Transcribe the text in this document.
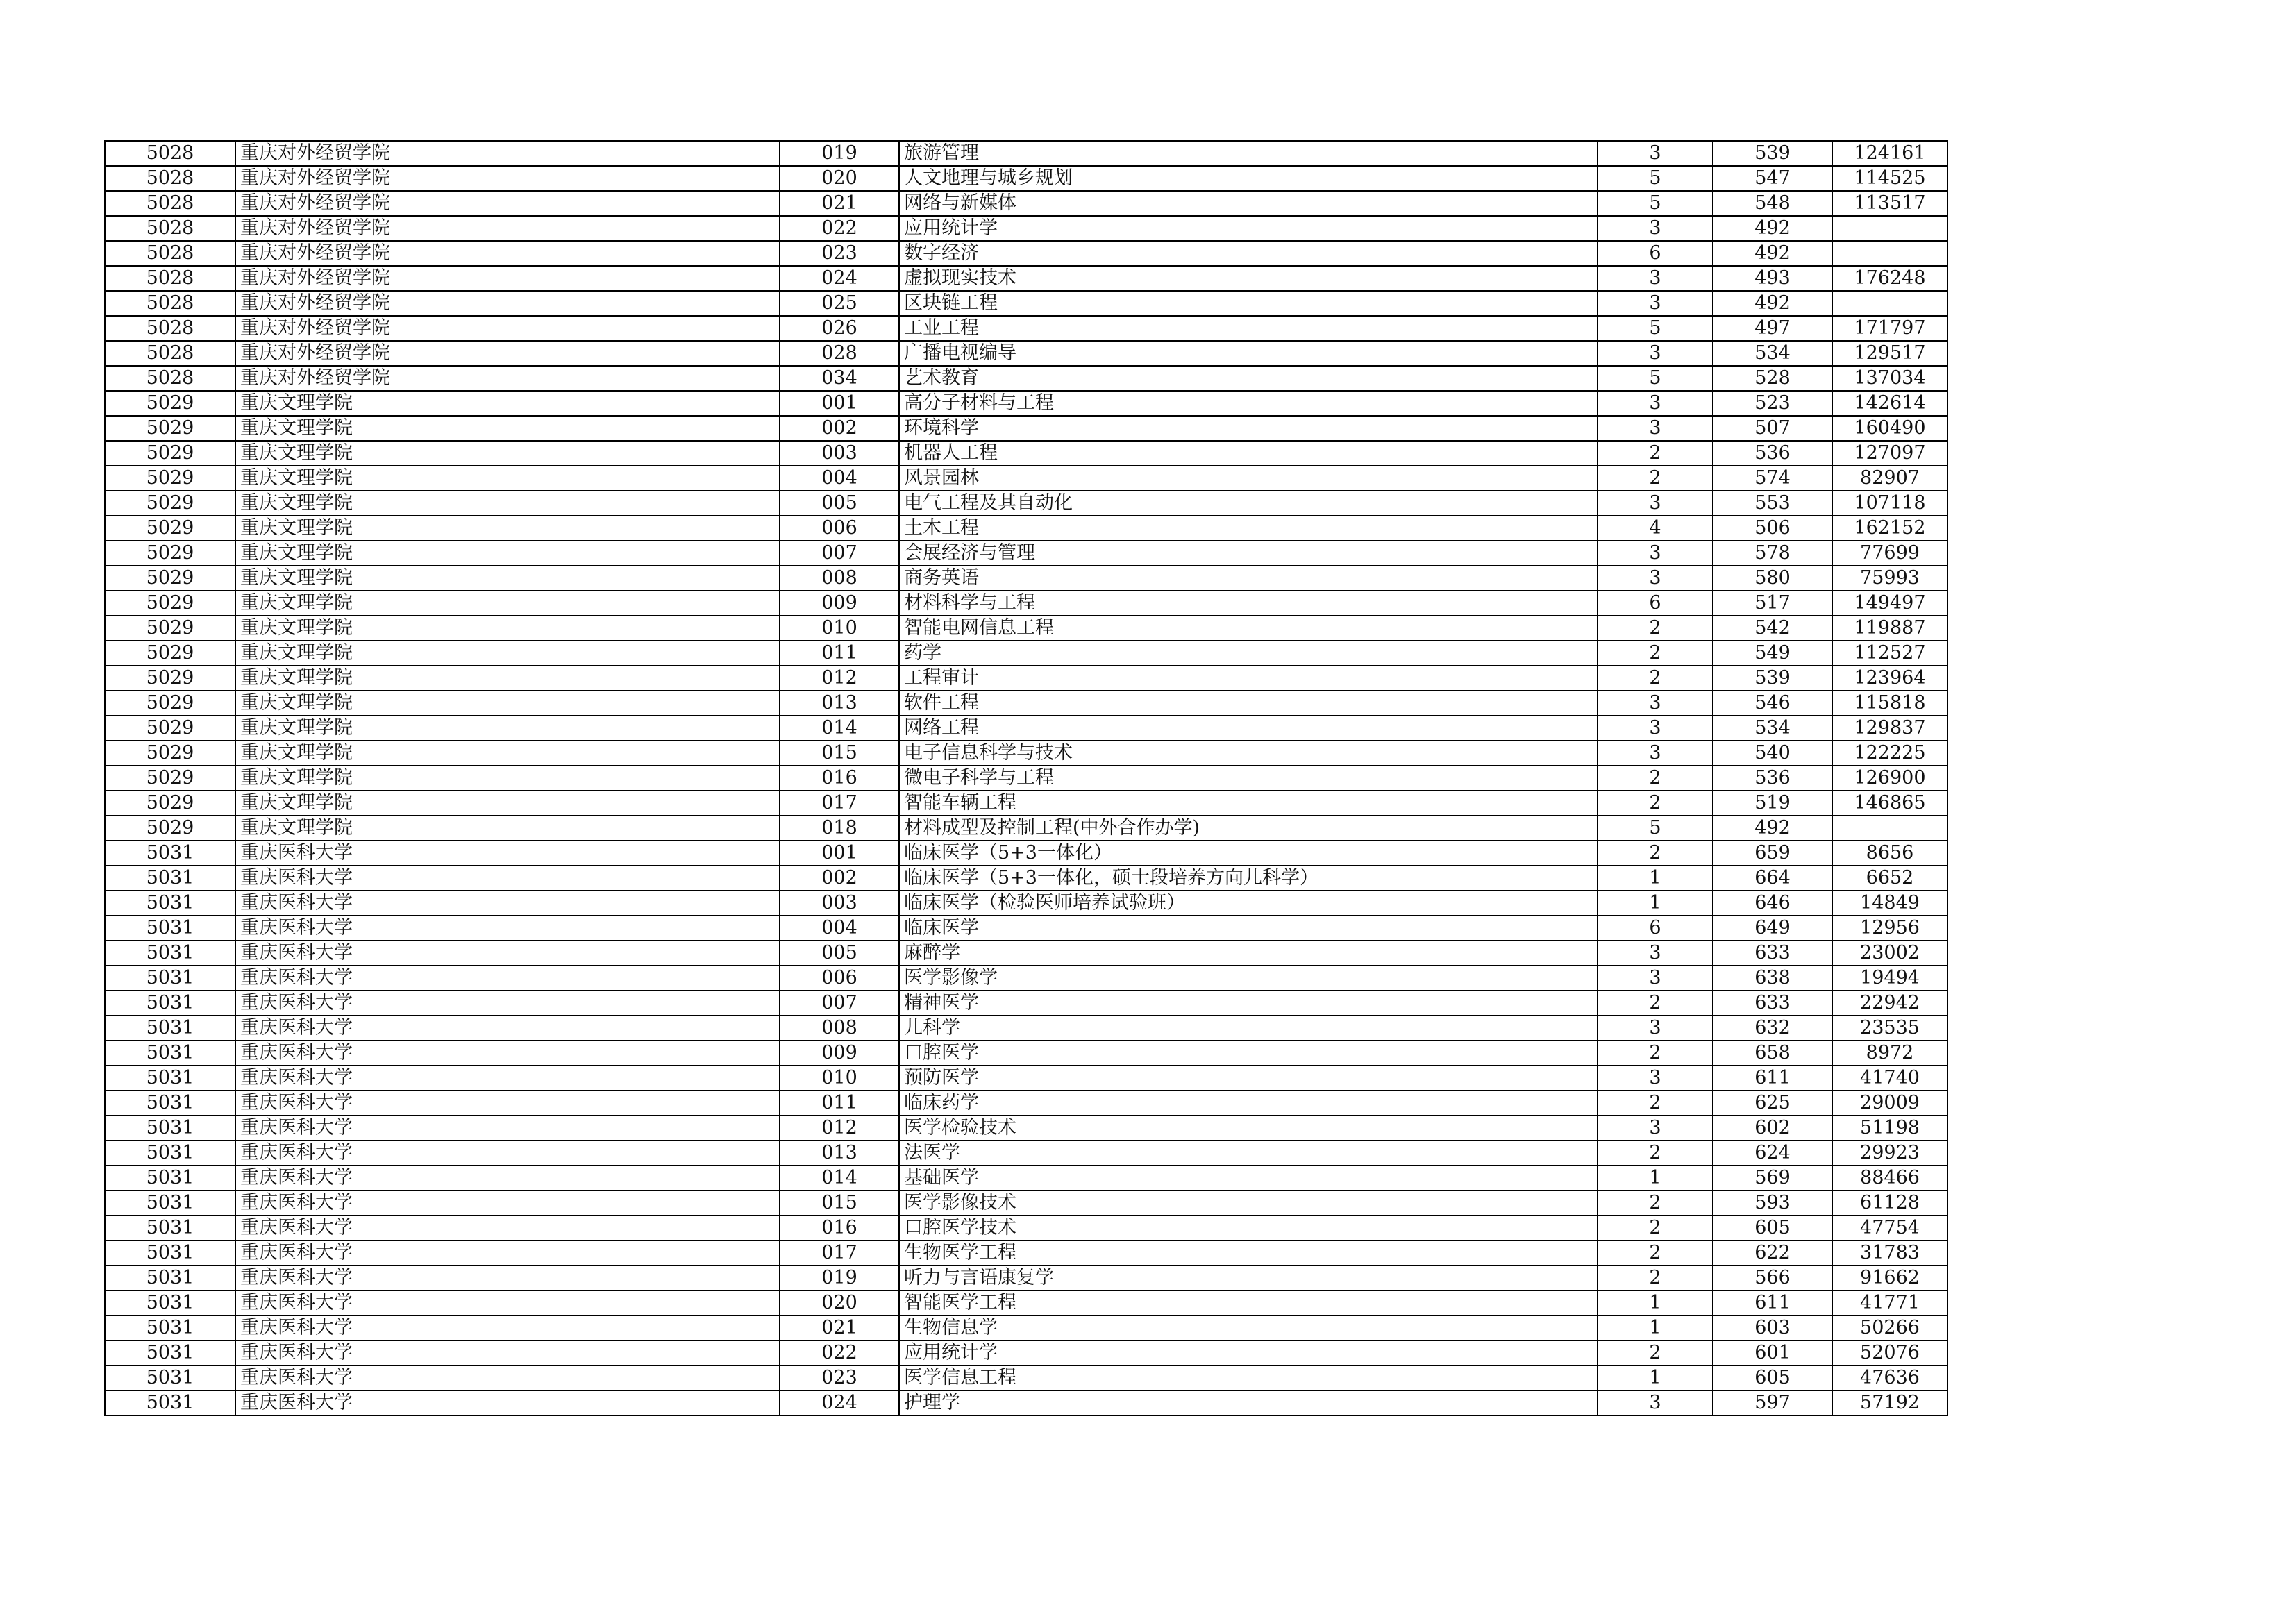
5028	重庆对外经贸学院	019	旅游管理	3	539	124161
5028	重庆对外经贸学院	020	人文地理与城乡规划	5	547	114525
5028	重庆对外经贸学院	021	网络与新媒体	5	548	113517
5028	重庆对外经贸学院	022	应用统计学	3	492	
5028	重庆对外经贸学院	023	数字经济	6	492	
5028	重庆对外经贸学院	024	虚拟现实技术	3	493	176248
5028	重庆对外经贸学院	025	区块链工程	3	492	
5028	重庆对外经贸学院	026	工业工程	5	497	171797
5028	重庆对外经贸学院	028	广播电视编导	3	534	129517
5028	重庆对外经贸学院	034	艺术教育	5	528	137034
5029	重庆文理学院	001	高分子材料与工程	3	523	142614
5029	重庆文理学院	002	环境科学	3	507	160490
5029	重庆文理学院	003	机器人工程	2	536	127097
5029	重庆文理学院	004	风景园林	2	574	82907
5029	重庆文理学院	005	电气工程及其自动化	3	553	107118
5029	重庆文理学院	006	土木工程	4	506	162152
5029	重庆文理学院	007	会展经济与管理	3	578	77699
5029	重庆文理学院	008	商务英语	3	580	75993
5029	重庆文理学院	009	材料科学与工程	6	517	149497
5029	重庆文理学院	010	智能电网信息工程	2	542	119887
5029	重庆文理学院	011	药学	2	549	112527
5029	重庆文理学院	012	工程审计	2	539	123964
5029	重庆文理学院	013	软件工程	3	546	115818
5029	重庆文理学院	014	网络工程	3	534	129837
5029	重庆文理学院	015	电子信息科学与技术	3	540	122225
5029	重庆文理学院	016	微电子科学与工程	2	536	126900
5029	重庆文理学院	017	智能车辆工程	2	519	146865
5029	重庆文理学院	018	材料成型及控制工程(中外合作办学)	5	492	
5031	重庆医科大学	001	临床医学（5+3一体化）	2	659	8656
5031	重庆医科大学	002	临床医学（5+3一体化，硕士段培养方向儿科学）	1	664	6652
5031	重庆医科大学	003	临床医学（检验医师培养试验班）	1	646	14849
5031	重庆医科大学	004	临床医学	6	649	12956
5031	重庆医科大学	005	麻醉学	3	633	23002
5031	重庆医科大学	006	医学影像学	3	638	19494
5031	重庆医科大学	007	精神医学	2	633	22942
5031	重庆医科大学	008	儿科学	3	632	23535
5031	重庆医科大学	009	口腔医学	2	658	8972
5031	重庆医科大学	010	预防医学	3	611	41740
5031	重庆医科大学	011	临床药学	2	625	29009
5031	重庆医科大学	012	医学检验技术	3	602	51198
5031	重庆医科大学	013	法医学	2	624	29923
5031	重庆医科大学	014	基础医学	1	569	88466
5031	重庆医科大学	015	医学影像技术	2	593	61128
5031	重庆医科大学	016	口腔医学技术	2	605	47754
5031	重庆医科大学	017	生物医学工程	2	622	31783
5031	重庆医科大学	019	听力与言语康复学	2	566	91662
5031	重庆医科大学	020	智能医学工程	1	611	41771
5031	重庆医科大学	021	生物信息学	1	603	50266
5031	重庆医科大学	022	应用统计学	2	601	52076
5031	重庆医科大学	023	医学信息工程	1	605	47636
5031	重庆医科大学	024	护理学	3	597	57192
